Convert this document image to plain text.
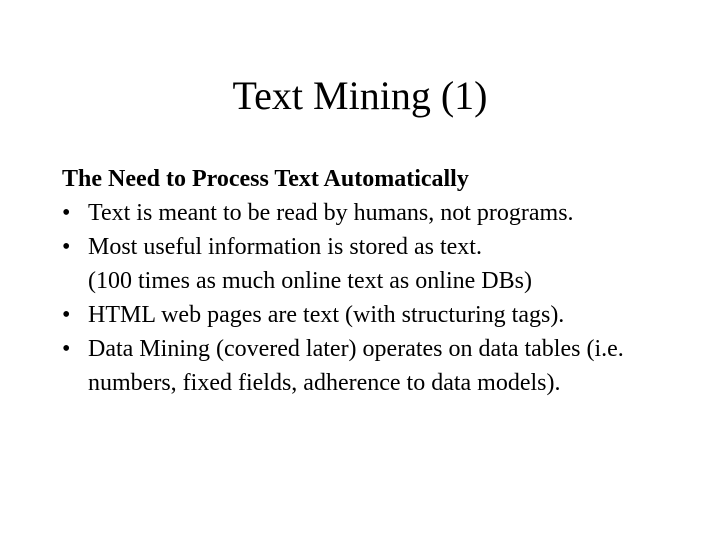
Text Mining (1)

The Need to Process Text Automatically

• Text is meant to be read by humans, not programs.
• Most useful information is stored as text.
(100 times as much online text as online DBs)
• HTML web pages are text (with structuring tags).
• Data Mining (covered later) operates on data tables (i.e. numbers, fixed fields, adherence to data models).
